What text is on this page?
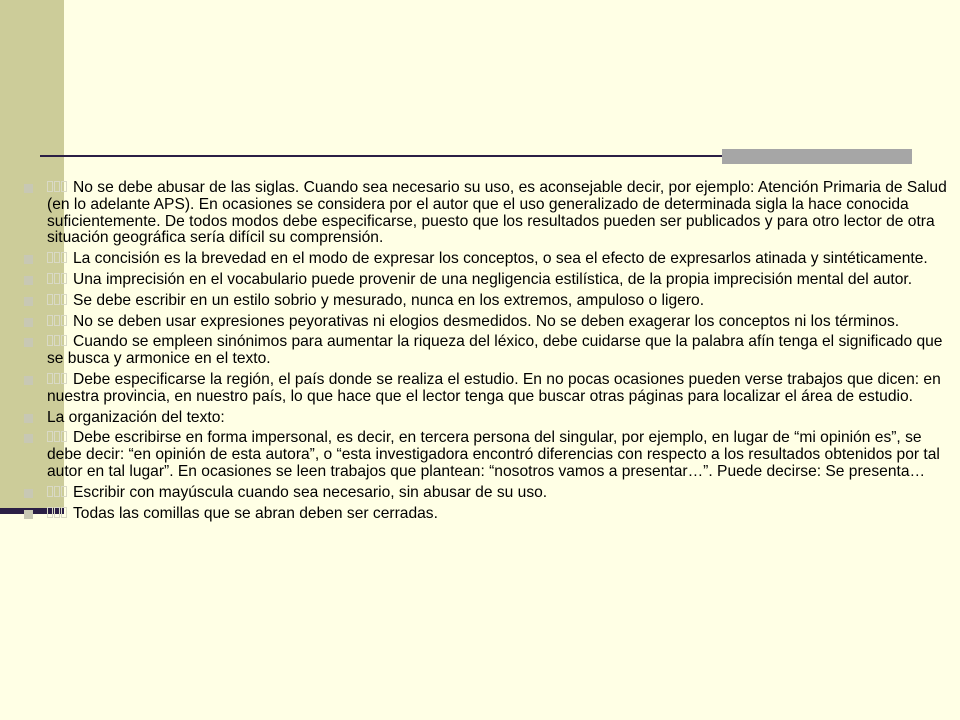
No se debe abusar de las siglas. Cuando sea necesario su uso, es aconsejable decir, por ejemplo: Atención Primaria de Salud (en lo adelante APS). En ocasiones se considera por el autor que el uso generalizado de determinada sigla la hace conocida suficientemente. De todos modos debe especificarse, puesto que los resultados pueden ser publicados y para otro lector de otra situación geográfica sería difícil su comprensión.
La concisión es la brevedad en el modo de expresar los conceptos, o sea el efecto de expresarlos atinada y sintéticamente.
Una imprecisión en el vocabulario puede provenir de una negligencia estilística, de la propia imprecisión mental del autor.
Se debe escribir en un estilo sobrio y mesurado, nunca en los extremos, ampuloso o ligero.
No se deben usar expresiones peyorativas ni elogios desmedidos. No se deben exagerar los conceptos ni los términos.
Cuando se empleen sinónimos para aumentar la riqueza del léxico, debe cuidarse que la palabra afín tenga el significado que se busca y armonice en el texto.
Debe especificarse la región, el país donde se realiza el estudio. En no pocas ocasiones pueden verse trabajos que dicen: en nuestra provincia, en nuestro país, lo que hace que el lector tenga que buscar otras páginas para localizar el área de estudio.
La organización del texto:
Debe escribirse en forma impersonal, es decir, en tercera persona del singular, por ejemplo, en lugar de “mi opinión es”, se debe decir: “en opinión de esta autora”, o “esta investigadora encontró diferencias con respecto a los resultados obtenidos por tal autor en tal lugar”. En ocasiones se leen trabajos que plantean: “nosotros vamos a presentar…”. Puede decirse: Se presenta…
Escribir con mayúscula cuando sea necesario, sin abusar de su uso.
Todas las comillas que se abran deben ser cerradas.
